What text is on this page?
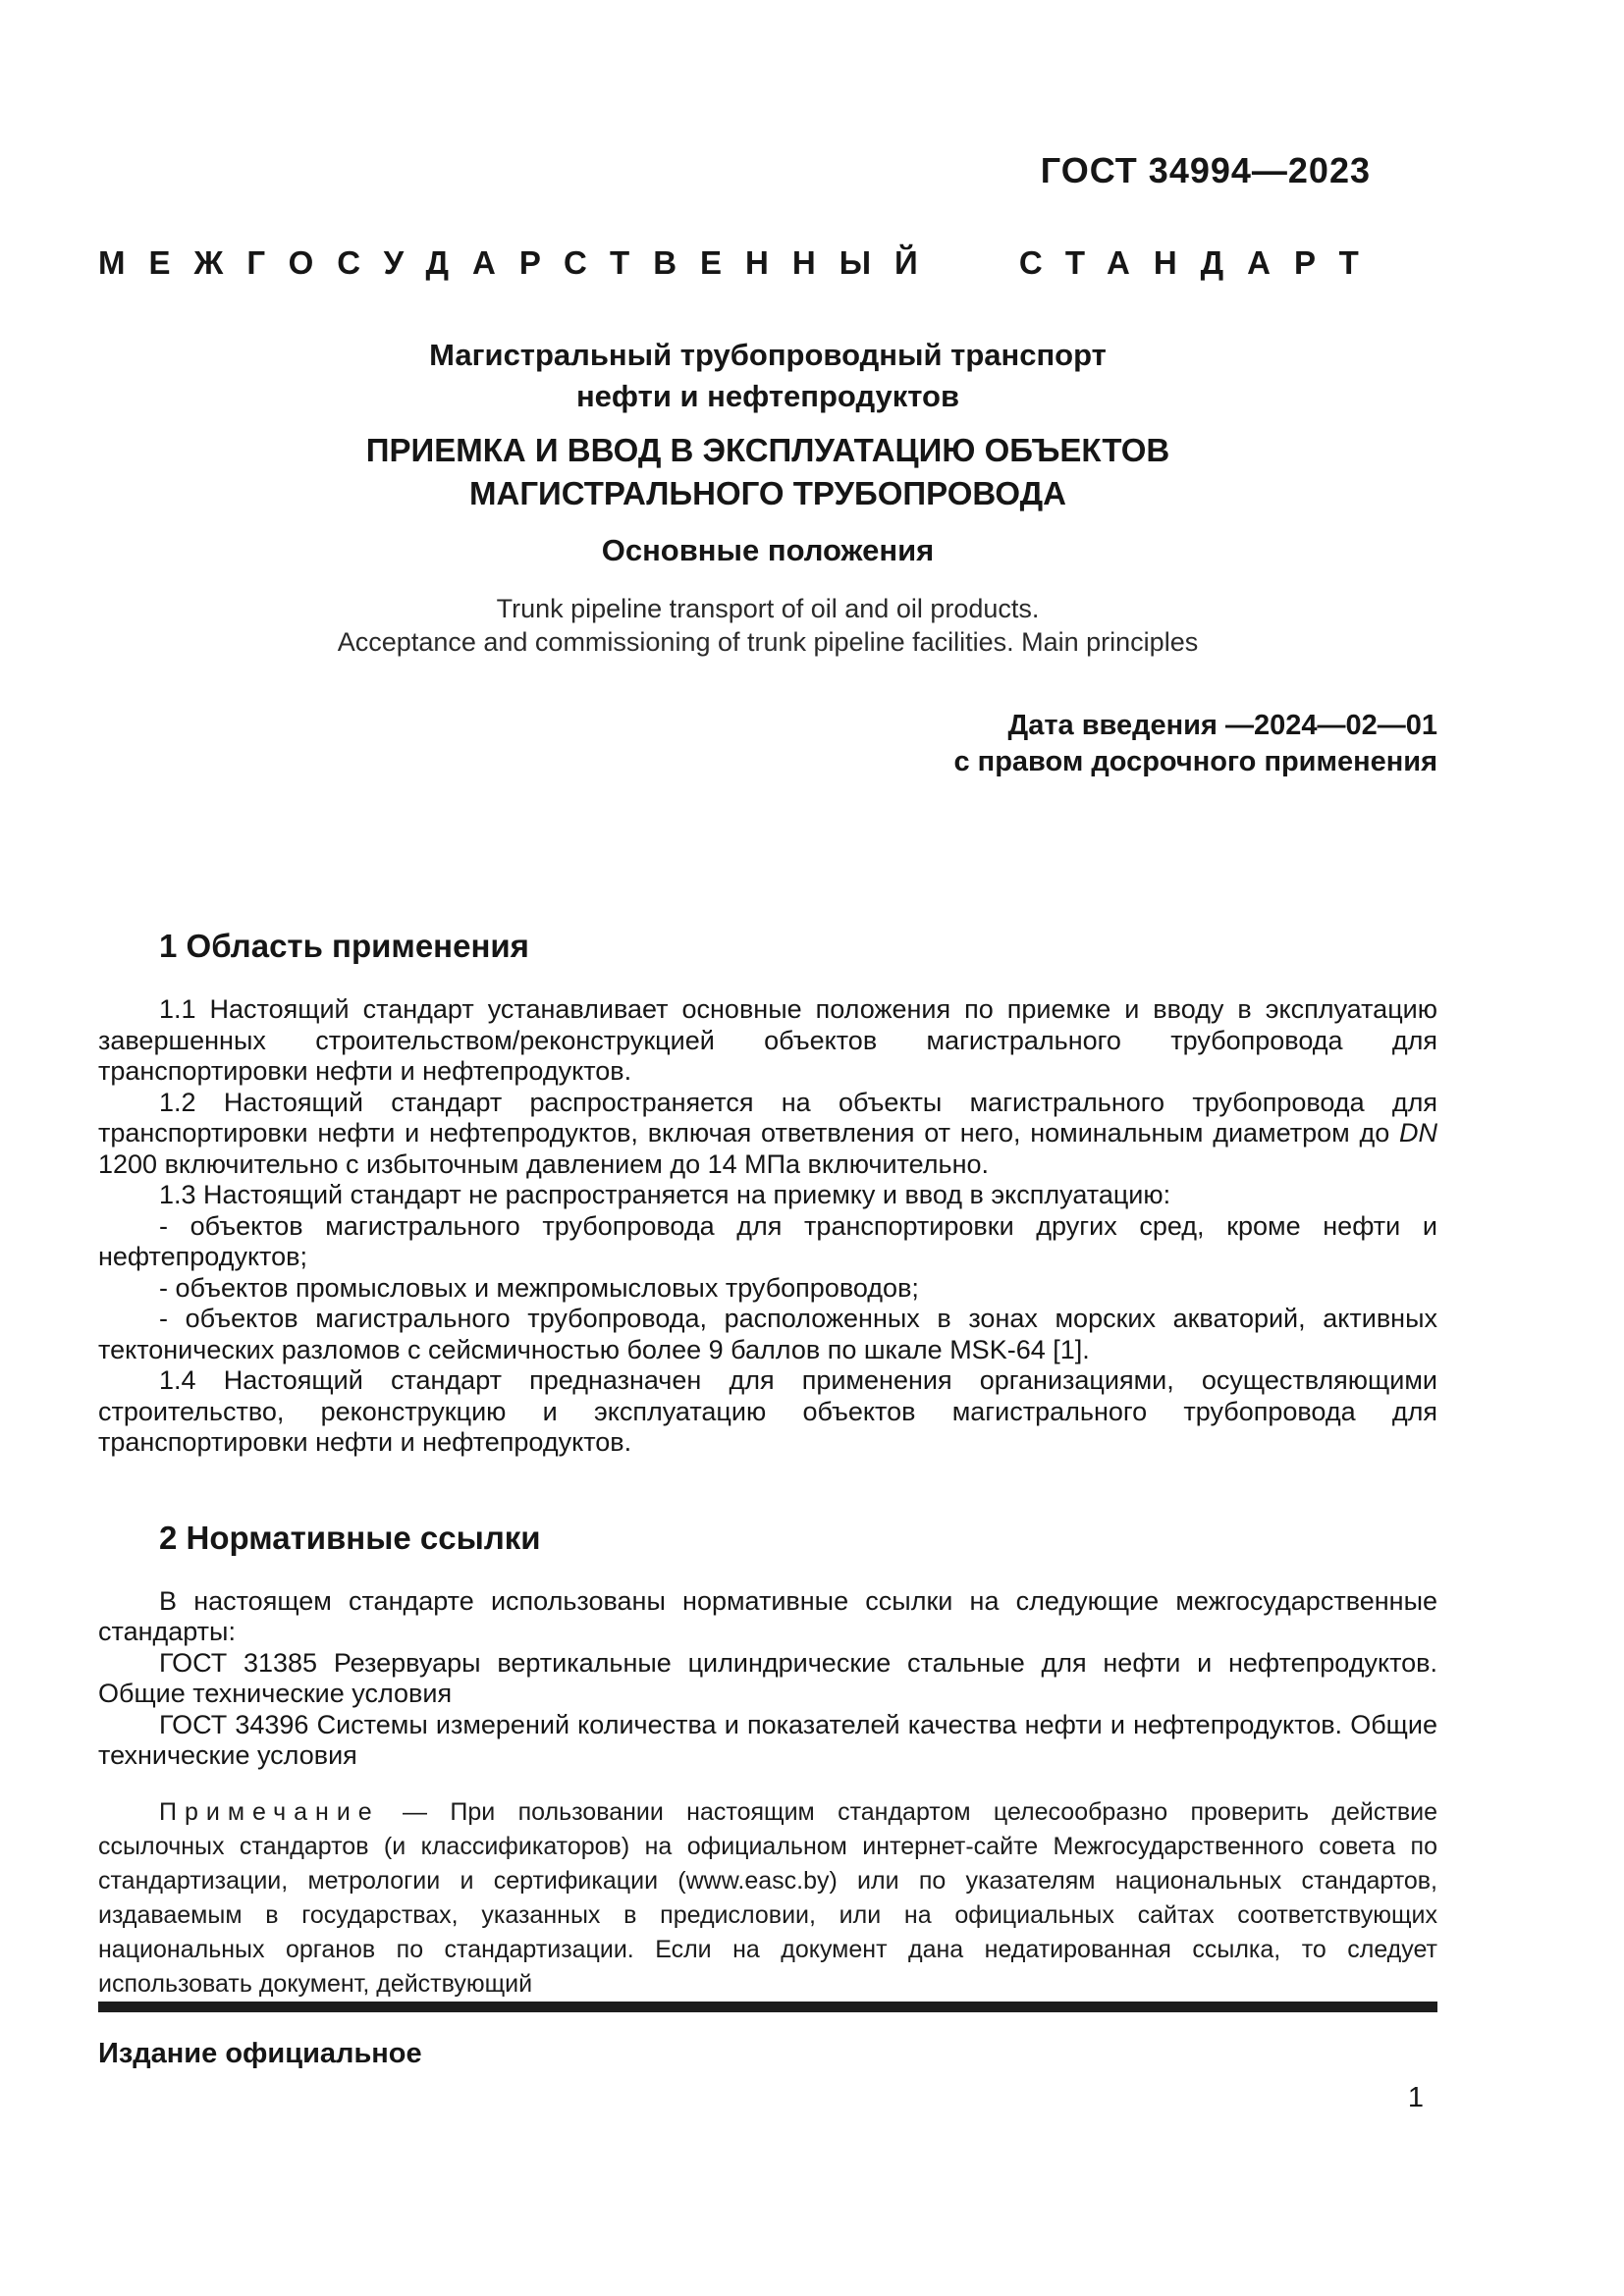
ГОСТ 34994—2023
МЕЖГОСУДАРСТВЕННЫЙ СТАНДАРТ
Магистральный трубопроводный транспорт
нефти и нефтепродуктов
ПРИЕМКА И ВВОД В ЭКСПЛУАТАЦИЮ ОБЪЕКТОВ
МАГИСТРАЛЬНОГО ТРУБОПРОВОДА
Основные положения
Trunk pipeline transport of oil and oil products.
Acceptance and commissioning of trunk pipeline facilities. Main principles
Дата введения —2024—02—01
с правом досрочного применения
1 Область применения

1.1 Настоящий стандарт устанавливает основные положения по приемке и вводу в эксплуатацию завершенных строительством/реконструкцией объектов магистрального трубопровода для транспортировки нефти и нефтепродуктов.

1.2 Настоящий стандарт распространяется на объекты магистрального трубопровода для транспортировки нефти и нефтепродуктов, включая ответвления от него, номинальным диаметром до DN 1200 включительно с избыточным давлением до 14 МПа включительно.

1.3 Настоящий стандарт не распространяется на приемку и ввод в эксплуатацию:

- объектов магистрального трубопровода для транспортировки других сред, кроме нефти и нефтепродуктов;

- объектов промысловых и межпромысловых трубопроводов;

- объектов магистрального трубопровода, расположенных в зонах морских акваторий, активных тектонических разломов с сейсмичностью более 9 баллов по шкале MSK-64 [1].

1.4 Настоящий стандарт предназначен для применения организациями, осуществляющими строительство, реконструкцию и эксплуатацию объектов магистрального трубопровода для транспортировки нефти и нефтепродуктов.

2 Нормативные ссылки

В настоящем стандарте использованы нормативные ссылки на следующие межгосударственные стандарты:

ГОСТ 31385 Резервуары вертикальные цилиндрические стальные для нефти и нефтепродуктов. Общие технические условия

ГОСТ 34396 Системы измерений количества и показателей качества нефти и нефтепродуктов. Общие технические условия

Примечание — При пользовании настоящим стандартом целесообразно проверить действие ссылочных стандартов (и классификаторов) на официальном интернет-сайте Межгосударственного совета по стандартизации, метрологии и сертификации (www.easc.by) или по указателям национальных стандартов, издаваемым в государствах, указанных в предисловии, или на официальных сайтах соответствующих национальных органов по стандартизации. Если на документ дана недатированная ссылка, то следует использовать документ, действующий

Издание официальное
1
